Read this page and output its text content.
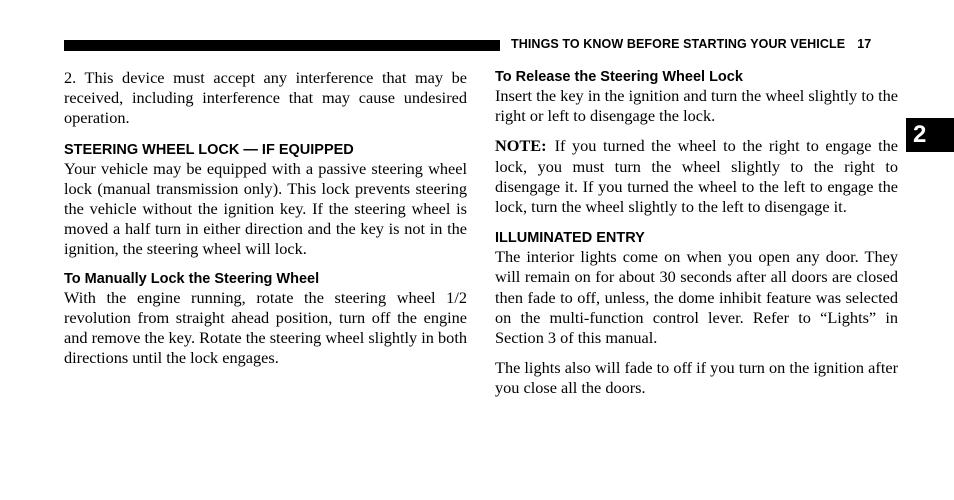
THINGS TO KNOW BEFORE STARTING YOUR VEHICLE 17
2

2. This device must accept any interference that may be received, including interference that may cause undesired operation.

STEERING WHEEL LOCK — IF EQUIPPED

Your vehicle may be equipped with a passive steering wheel lock (manual transmission only). This lock prevents steering the vehicle without the ignition key. If the steering wheel is moved a half turn in either direction and the key is not in the ignition, the steering wheel will lock.

To Manually Lock the Steering Wheel

With the engine running, rotate the steering wheel 1/2 revolution from straight ahead position, turn off the engine and remove the key. Rotate the steering wheel slightly in both directions until the lock engages.

To Release the Steering Wheel Lock

Insert the key in the ignition and turn the wheel slightly to the right or left to disengage the lock.

NOTE: If you turned the wheel to the right to engage the lock, you must turn the wheel slightly to the right to disengage it. If you turned the wheel to the left to engage the lock, turn the wheel slightly to the left to disengage it.

ILLUMINATED ENTRY

The interior lights come on when you open any door. They will remain on for about 30 seconds after all doors are closed then fade to off, unless, the dome inhibit feature was selected on the multi-function control lever. Refer to “Lights” in Section 3 of this manual.

The lights also will fade to off if you turn on the ignition after you close all the doors.
